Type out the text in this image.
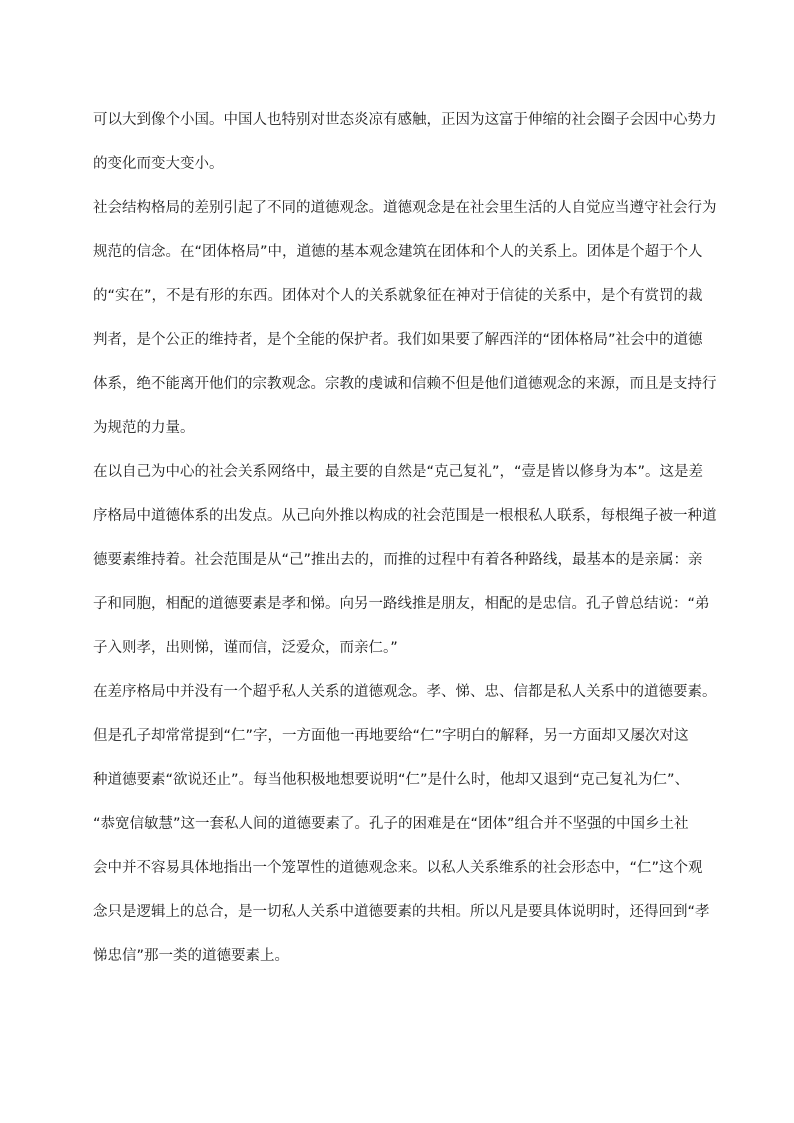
可以大到像个小国。中国人也特别对世态炎凉有感触，正因为这富于伸缩的社会圈子会因中心势力
的变化而变大变小。
社会结构格局的差别引起了不同的道德观念。道德观念是在社会里生活的人自觉应当遵守社会行为
规范的信念。在“团体格局”中，道德的基本观念建筑在团体和个人的关系上。团体是个超于个人
的“实在”，不是有形的东西。团体对个人的关系就象征在神对于信徒的关系中，是个有赏罚的裁
判者，是个公正的维持者，是个全能的保护者。我们如果要了解西洋的“团体格局”社会中的道德
体系，绝不能离开他们的宗教观念。宗教的虔诚和信赖不但是他们道德观念的来源，而且是支持行
为规范的力量。
在以自己为中心的社会关系网络中，最主要的自然是“克己复礼”，“壹是皆以修身为本”。这是差
序格局中道德体系的出发点。从己向外推以构成的社会范围是一根根私人联系，每根绳子被一种道
德要素维持着。社会范围是从“己”推出去的，而推的过程中有着各种路线，最基本的是亲属：亲
子和同胞，相配的道德要素是孝和悌。向另一路线推是朋友，相配的是忠信。孔子曾总结说：“弟
子入则孝，出则悌，谨而信，泛爱众，而亲仁。”
在差序格局中并没有一个超乎私人关系的道德观念。孝、悌、忠、信都是私人关系中的道德要素。
但是孔子却常常提到“仁”字，一方面他一再地要给“仁”字明白的解释，另一方面却又屡次对这
种道德要素“欲说还止”。每当他积极地想要说明“仁”是什么时，他却又退到“克己复礼为仁”、
“恭宽信敏慧”这一套私人间的道德要素了。孔子的困难是在“团体”组合并不坚强的中国乡土社
会中并不容易具体地指出一个笼罩性的道德观念来。以私人关系维系的社会形态中，“仁”这个观
念只是逻辑上的总合，是一切私人关系中道德要素的共相。所以凡是要具体说明时，还得回到“孝
悌忠信”那一类的道德要素上。
